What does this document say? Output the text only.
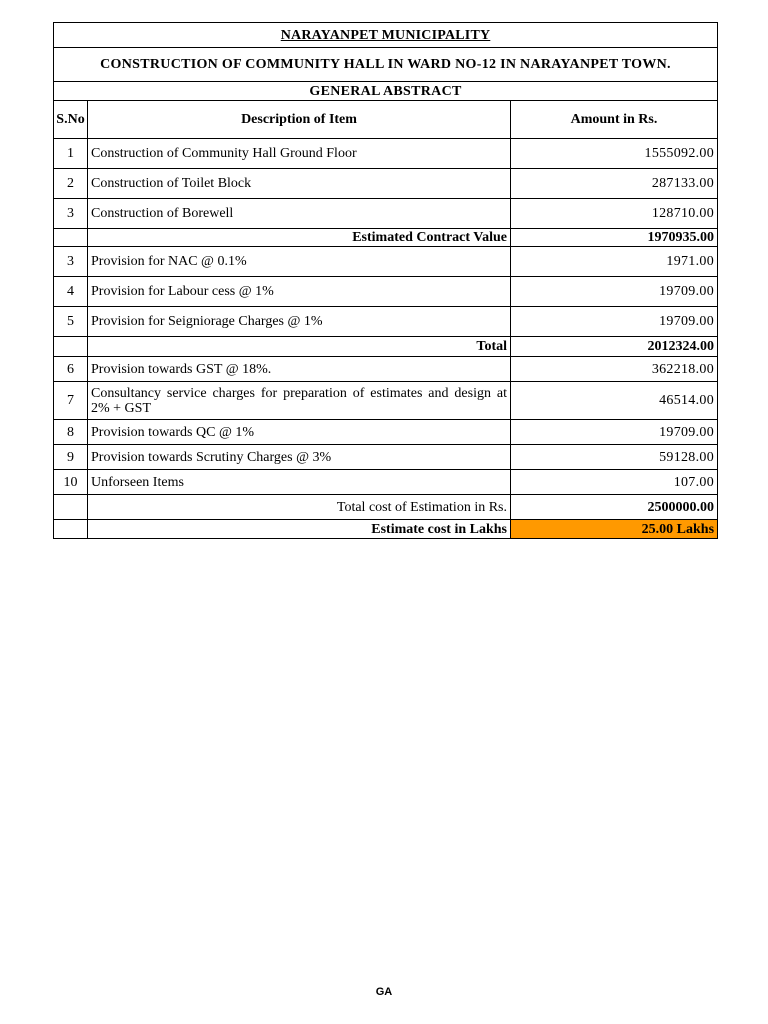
NARAYANPET MUNICIPALITY		
CONSTRUCTION OF COMMUNITY HALL IN WARD NO-12 IN NARAYANPET TOWN.		
GENERAL ABSTRACT		
S.No	Description of Item	Amount in Rs.
1	Construction of Community Hall Ground Floor	1555092.00
2	Construction of Toilet Block	287133.00
3	Construction of Borewell	128710.00
	Estimated Contract Value	1970935.00
3	Provision for NAC @ 0.1%	1971.00
4	Provision for Labour cess @ 1%	19709.00
5	Provision for Seigniorage Charges @ 1%	19709.00
	Total	2012324.00
6	Provision towards GST @ 18%.	362218.00
7	Consultancy service charges for preparation of estimates and design at 2% + GST	46514.00
8	Provision towards QC @ 1%	19709.00
9	Provision towards Scrutiny Charges @ 3%	59128.00
10	Unforseen Items	107.00
	Total cost of Estimation in Rs.	2500000.00
	Estimate cost in Lakhs	25.00 Lakhs
GA
